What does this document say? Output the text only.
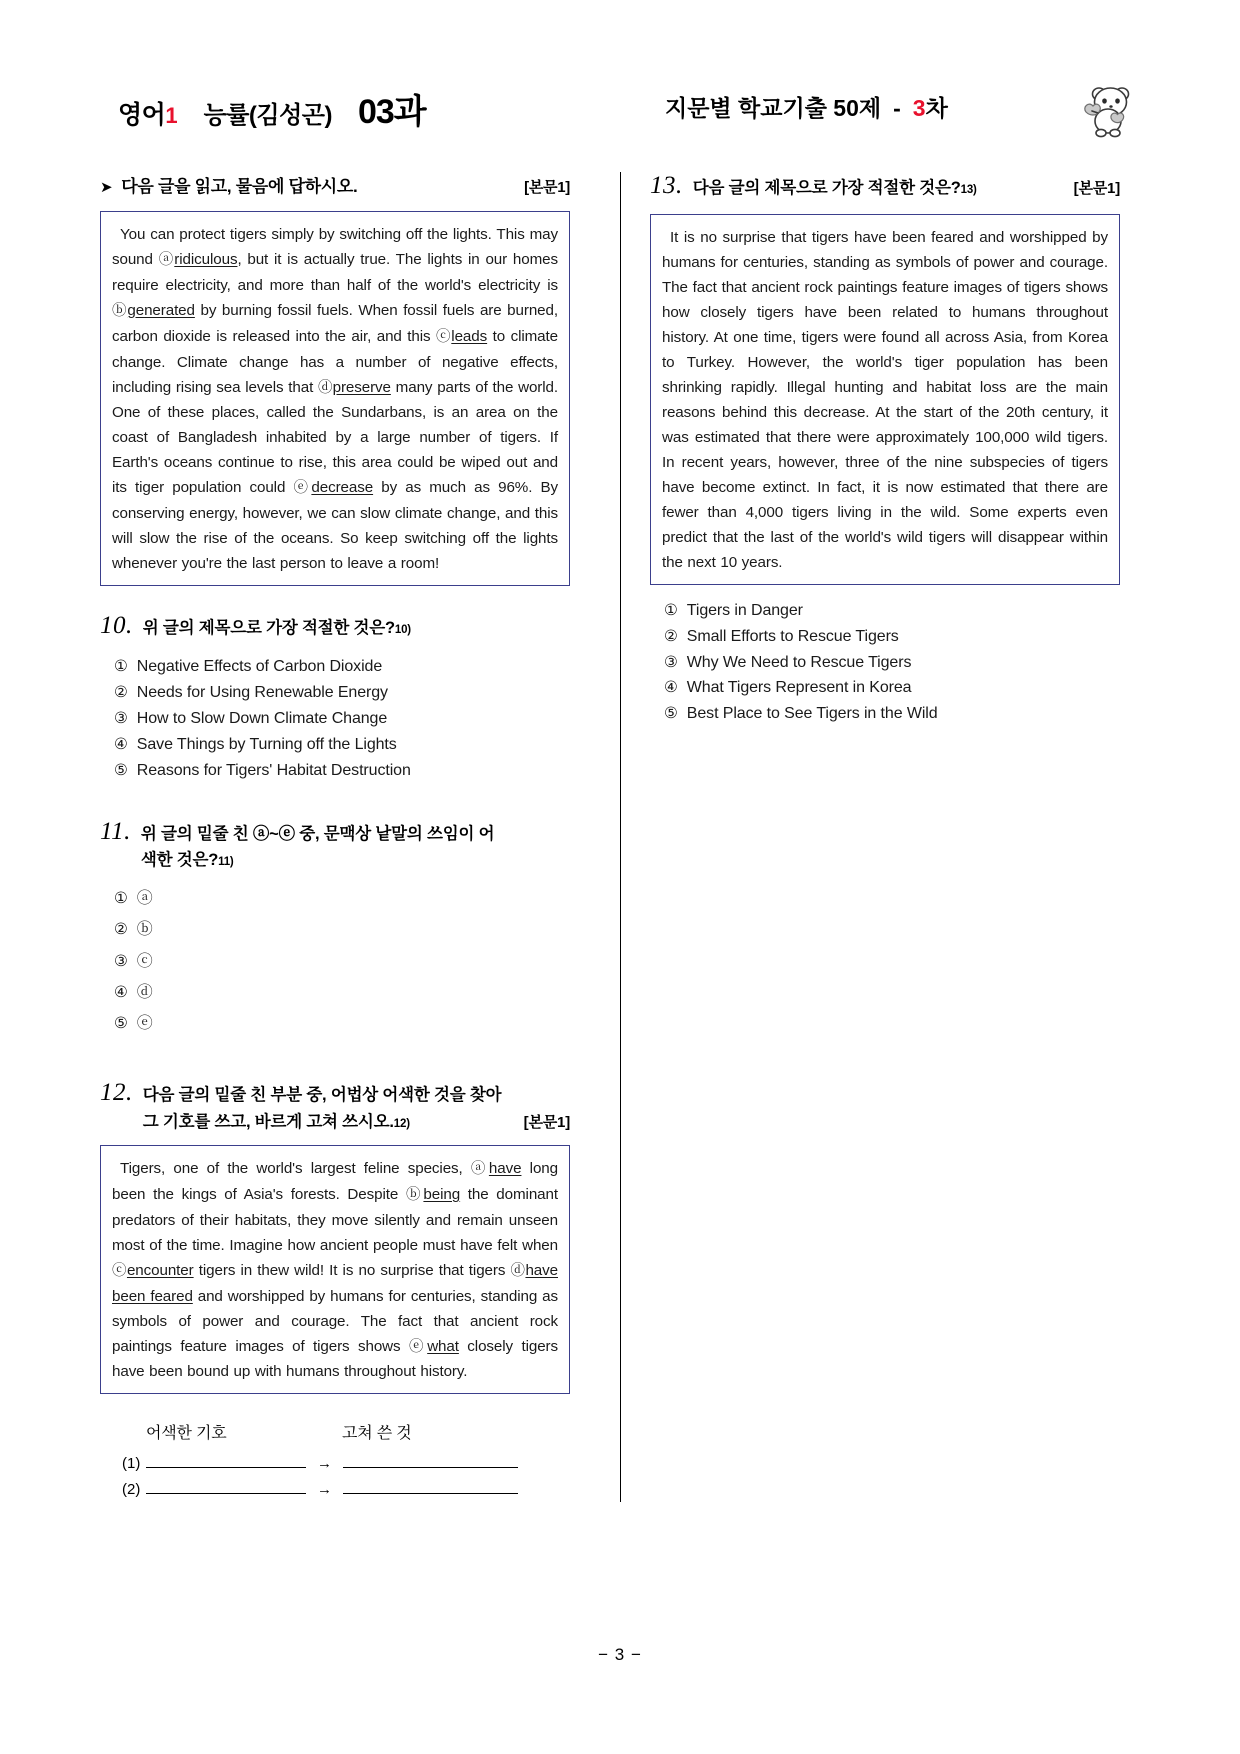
영어 1 능률(김성곤) 03과	지문별 학교기출 50제 - 3 차
➤ 다음 글을 읽고, 물음에 답하시오.	[본문1]

You can protect tigers simply by switching off the lights. This may sound ⓐridiculous, but it is actually true. The lights in our homes require electricity, and more than half of the world's electricity is ⓑgenerated by burning fossil fuels. When fossil fuels are burned, carbon dioxide is released into the air, and this ⓒleads to climate change. Climate change has a number of negative effects, including rising sea levels that ⓓpreserve many parts of the world. One of these places, called the Sundarbans, is an area on the coast of Bangladesh inhabited by a large number of tigers. If Earth's oceans continue to rise, this area could be wiped out and its tiger population could ⓔdecrease by as much as 96%. By conserving energy, however, we can slow climate change, and this will slow the rise of the oceans. So keep switching off the lights whenever you're the last person to leave a room!

10. 위 글의 제목으로 가장 적절한 것은?10)
① Negative Effects of Carbon Dioxide
② Needs for Using Renewable Energy
③ How to Slow Down Climate Change
④ Save Things by Turning off the Lights
⑤ Reasons for Tigers' Habitat Destruction
11. 위 글의 밑줄 친 ⓐ~ⓔ 중, 문맥상 낱말의 쓰임이 어
색한 것은? 11)
① ⓐ
② ⓑ
③ ⓒ
④ ⓓ
⑤ ⓔ
12. 다음 글의 밑줄 친 부분 중, 어법상 어색한 것을 찾아
그 기호를 쓰고, 바르게 고쳐 쓰시오. 12)	[본문1]

Tigers, one of the world's largest feline species, ⓐhave long been the kings of Asia's forests. Despite ⓑbeing the dominant predators of their habitats, they move silently and remain unseen most of the time. Imagine how ancient people must have felt when ⓒencounter tigers in thew wild! It is no surprise that tigers ⓓhave been feared and worshipped by humans for centuries, standing as symbols of power and courage. The fact that ancient rock paintings feature images of tigers shows ⓔwhat closely tigers have been bound up with humans throughout history.

어색한 기호	고쳐 쓴 것
(1)	→
(2)	→
13. 다음 글의 제목으로 가장 적절한 것은?13)	[본문1]

It is no surprise that tigers have been feared and worshipped by humans for centuries, standing as symbols of power and courage. The fact that ancient rock paintings feature images of tigers shows how closely tigers have been related to humans throughout history. At one time, tigers were found all across Asia, from Korea to Turkey. However, the world's tiger population has been shrinking rapidly. Illegal hunting and habitat loss are the main reasons behind this decrease. At the start of the 20th century, it was estimated that there were approximately 100,000 wild tigers. In recent years, however, three of the nine subspecies of tigers have become extinct. In fact, it is now estimated that there are fewer than 4,000 tigers living in the wild. Some experts even predict that the last of the world's wild tigers will disappear within the next 10 years.

① Tigers in Danger
② Small Efforts to Rescue Tigers
③ Why We Need to Rescue Tigers
④ What Tigers Represent in Korea
⑤ Best Place to See Tigers in the Wild
− 3 −
